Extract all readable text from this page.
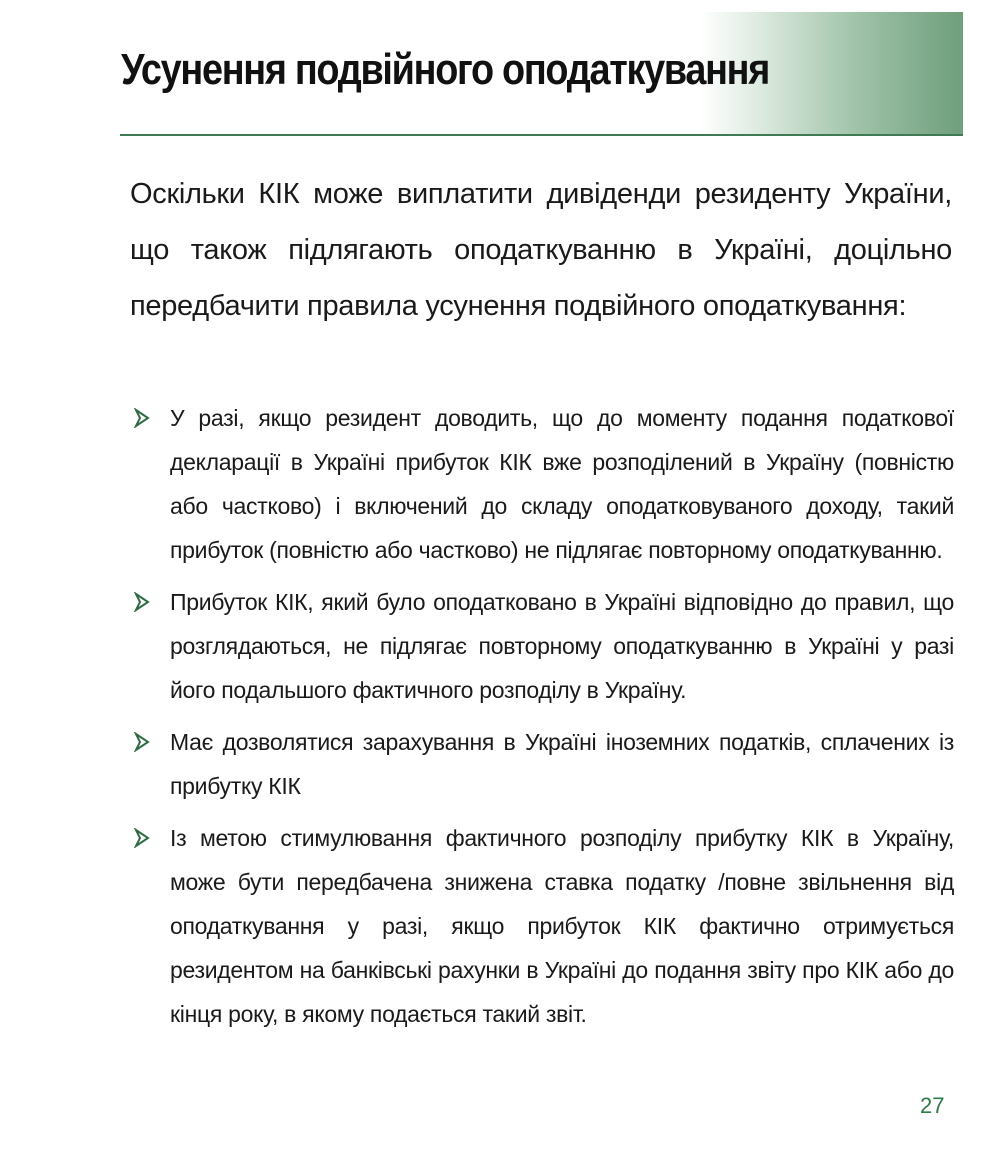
Усунення подвійного оподаткування

Оскільки КІК може виплатити дивіденди резиденту України, що також підлягають оподаткуванню в Україні, доцільно передбачити правила усунення подвійного оподаткування:

У разі, якщо резидент доводить, що до моменту подання податкової декларації в Україні прибуток КІК вже розподілений в Україну (повністю або частково) і включений до складу оподатковуваного доходу, такий прибуток (повністю або частково) не підлягає повторному оподаткуванню.
Прибуток КІК, який було оподатковано в Україні відповідно до правил, що розглядаються, не підлягає повторному оподаткуванню в Україні у разі його подальшого фактичного розподілу в Україну.
Має дозволятися зарахування в Україні іноземних податків, сплачених із прибутку КІК
Із метою стимулювання фактичного розподілу прибутку КІК в Україну, може бути передбачена знижена ставка податку /повне звільнення від оподаткування у разі, якщо прибуток КІК фактично отримується резидентом на банківські рахунки в Україні до подання звіту про КІК або до кінця року, в якому подається такий звіт.
27
